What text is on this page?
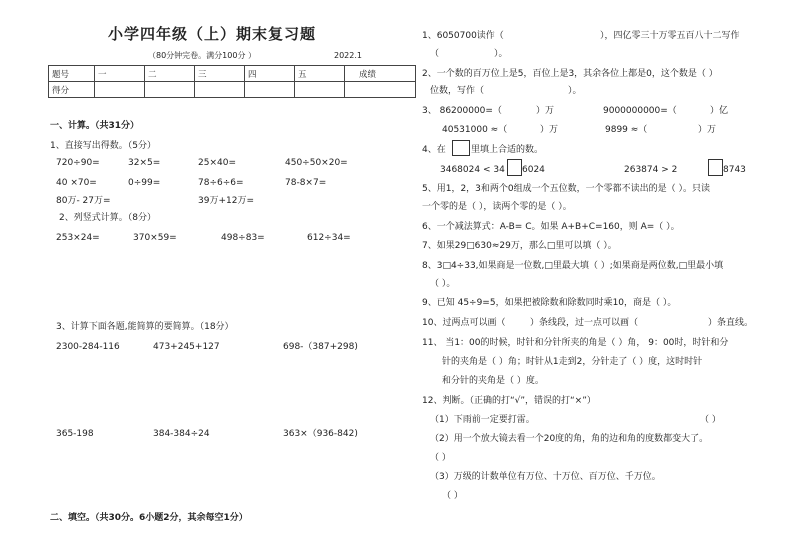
小学四年级（上）期末复习题
（80分钟完卷。满分100分 ）	2022.1
题号	一	二	三	四	五	成绩
得分						
一、计算。（共31分）
1、直接写出得数。（5分）
720÷90=	32×5=	25×40=	450÷50×20=
40 ×70=	0÷99=	78÷6÷6=	78-8×7=
80万- 27万=	39万+12万=
2、列竖式计算。（8分）
253×24=	370×59=	498÷83=	612÷34=
3、计算下面各题,能简算的要简算。（18分）
2300-284-116	473+245+127	698-（387+298)
365-198	384-384÷24	363×（936-842)
二、填空。（共30分。6小题2分，其余每空1分）
1、6050700读作（	），四亿零三十万零五百八十二写作
（	）。
2、一个数的百万位上是5，百位上是3，其余各位上都是0，这个数是（ ）
位数，写作（	）。
3、 86200000=（	）万	9000000000=（	）亿
40531000 ≈（	）万	9899 ≈（	）万
4、在	里填上合适的数。
3468024 < 34 6024	263874 > 2	8743
5、用1，2，3和两个0组成一个五位数，一个零都不读出的是（ ）。只读
一个零的是（ ），读两个零的是（ ）。
6、一个减法算式：A-B= C。如果 A+B+C=160，则 A=（ ）。
7、如果29□630≈29万，那么□里可以填（ ）。
8、3□4÷33,如果商是一位数,□里最大填（ ）;如果商是两位数,□里最小填
（ ）。
9、已知 45÷9=5，如果把被除数和除数同时乘10，商是（ ）。
10、过两点可以画（	）条线段，过一点可以画（	）条直线。
11、 当1：00的时候，时针和分针所夹的角是（ ）角， 9：00时，时针和分
针的夹角是（ ）角；时针从1走到2，分针走了（ ）度，这时时针
和分针的夹角是（ ）度。
12、判断。（正确的打“√”，错误的打“×”）
（1）下雨前一定要打雷。	（ ）
（2）用一个放大镜去看一个20度的角，角的边和角的度数都变大了。
（ ）
（3）万级的计数单位有万位、十万位、百万位、千万位。
（ ）
